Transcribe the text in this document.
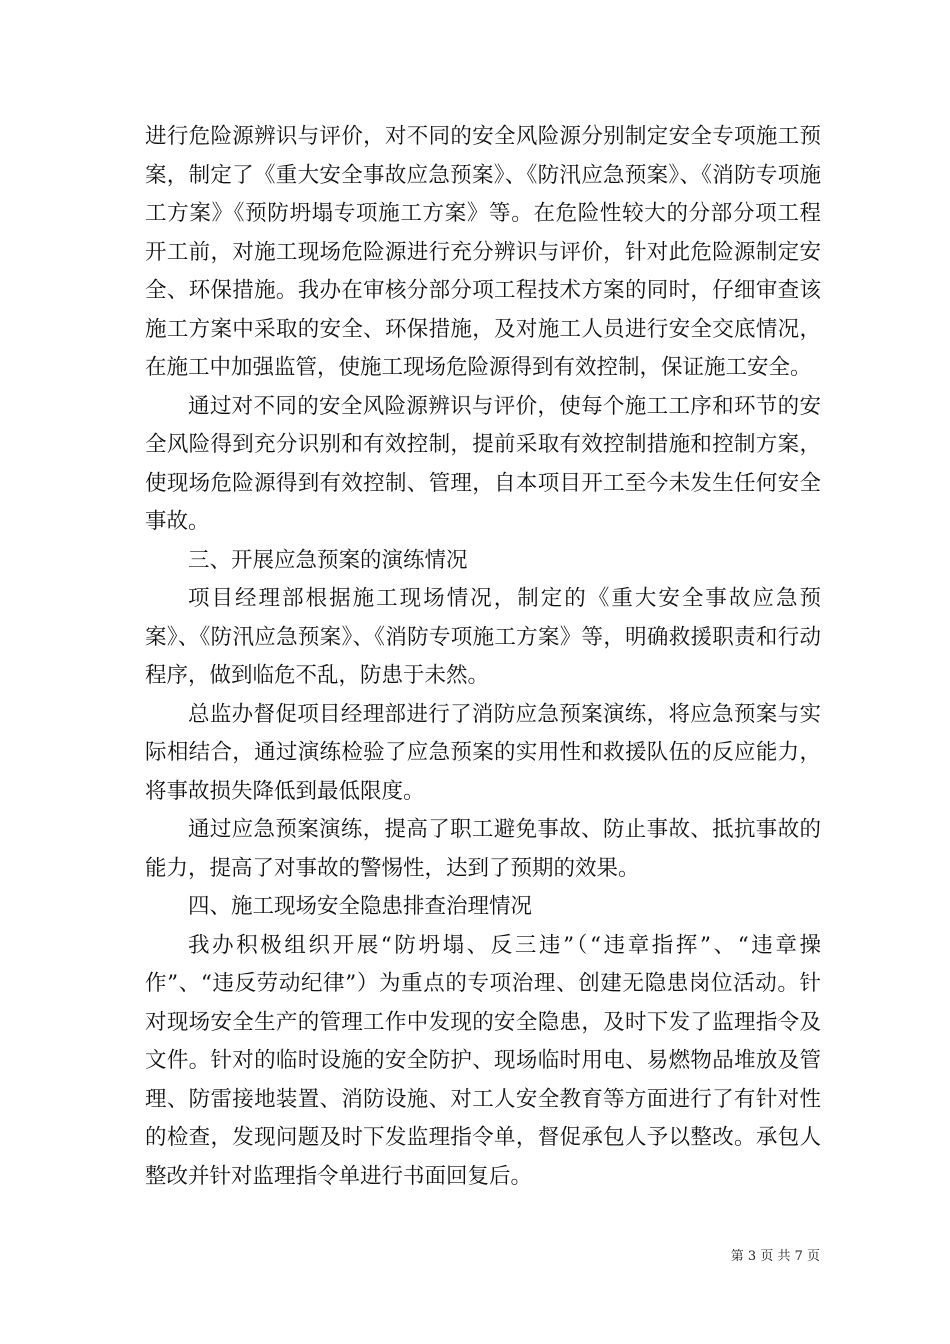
进行危险源辨识与评价，对不同的安全风险源分别制定安全专项施工预案，制定了《重大安全事故应急预案》、《防汛应急预案》、《消防专项施工方案》《预防坍塌专项施工方案》等。在危险性较大的分部分项工程开工前，对施工现场危险源进行充分辨识与评价，针对此危险源制定安全、环保措施。我办在审核分部分项工程技术方案的同时，仔细审查该施工方案中采取的安全、环保措施，及对施工人员进行安全交底情况，在施工中加强监管，使施工现场危险源得到有效控制，保证施工安全。

通过对不同的安全风险源辨识与评价，使每个施工工序和环节的安全风险得到充分识别和有效控制，提前采取有效控制措施和控制方案，使现场危险源得到有效控制、管理，自本项目开工至今未发生任何安全事故。

三、开展应急预案的演练情况

项目经理部根据施工现场情况，制定的《重大安全事故应急预案》、《防汛应急预案》、《消防专项施工方案》等，明确救援职责和行动程序，做到临危不乱，防患于未然。

总监办督促项目经理部进行了消防应急预案演练，将应急预案与实际相结合，通过演练检验了应急预案的实用性和救援队伍的反应能力，将事故损失降低到最低限度。

通过应急预案演练，提高了职工避免事故、防止事故、抵抗事故的能力，提高了对事故的警惕性，达到了预期的效果。

四、施工现场安全隐患排查治理情况

我办积极组织开展“防坍塌、反三违”（“违章指挥”、“违章操作”、“违反劳动纪律”）为重点的专项治理、创建无隐患岗位活动。针对现场安全生产的管理工作中发现的安全隐患，及时下发了监理指令及文件。针对的临时设施的安全防护、现场临时用电、易燃物品堆放及管理、防雷接地装置、消防设施、对工人安全教育等方面进行了有针对性的检查，发现问题及时下发监理指令单，督促承包人予以整改。承包人整改并针对监理指令单进行书面回复后。

第 3 页 共 7 页
